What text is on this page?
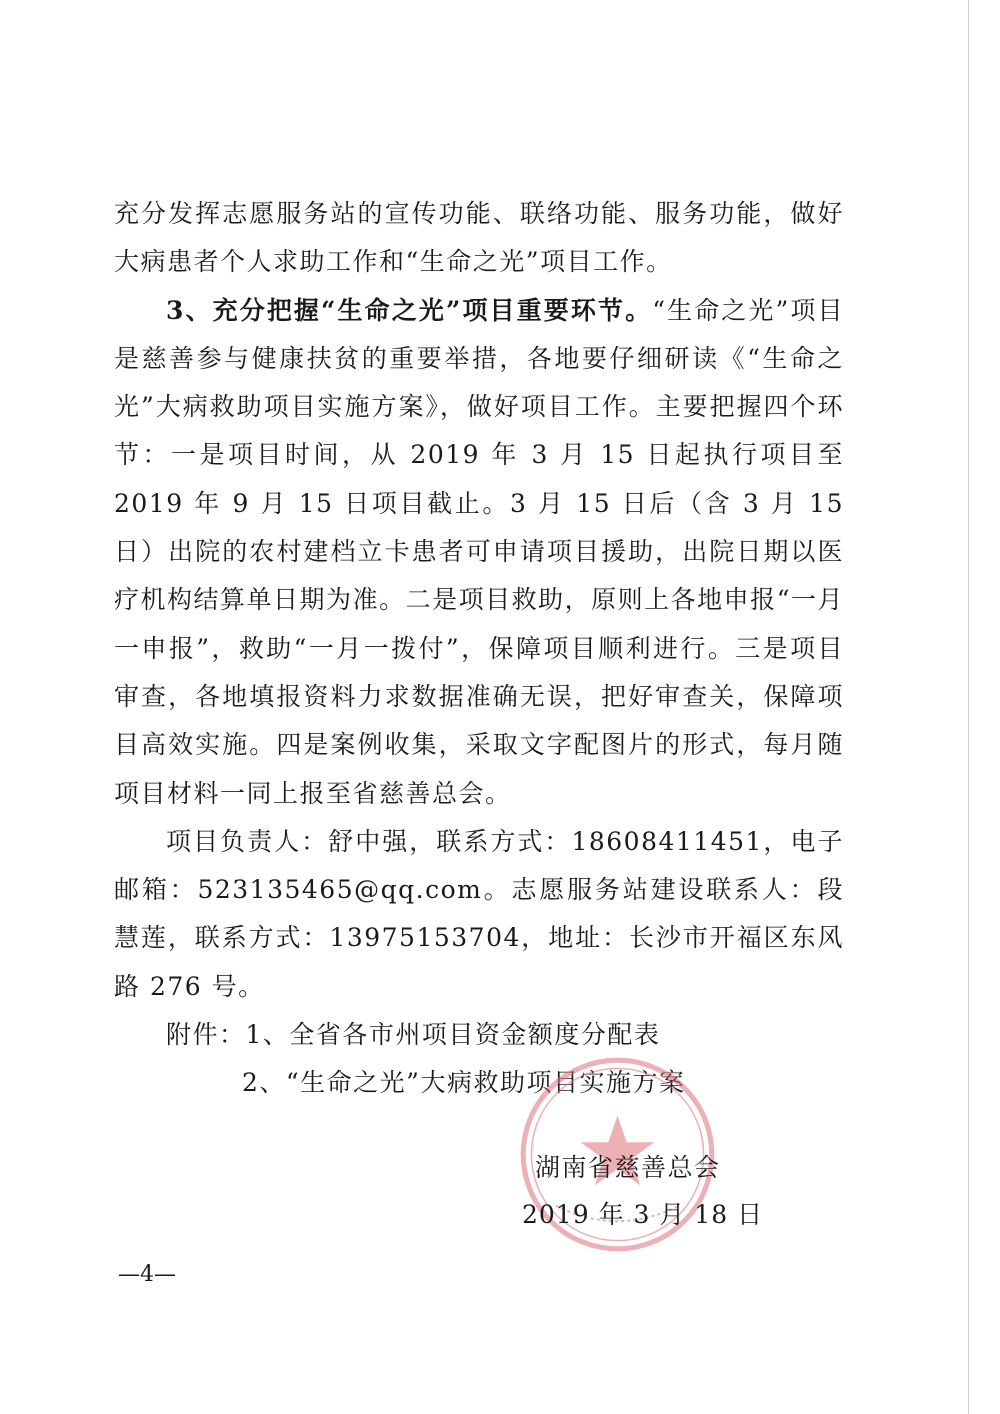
充分发挥志愿服务站的宣传功能、联络功能、服务功能，做好大病患者个人求助工作和“生命之光”项目工作。

3、充分把握“生命之光”项目重要环节。“生命之光”项目是慈善参与健康扶贫的重要举措，各地要仔细研读《“生命之光”大病救助项目实施方案》，做好项目工作。主要把握四个环节：一是项目时间，从 2019 年 3 月 15 日起执行项目至 2019 年 9 月 15 日项目截止。3 月 15 日后（含 3 月 15 日）出院的农村建档立卡患者可申请项目援助，出院日期以医疗机构结算单日期为准。二是项目救助，原则上各地申报“一月一申报”，救助“一月一拨付”，保障项目顺利进行。三是项目审查，各地填报资料力求数据准确无误，把好审查关，保障项目高效实施。四是案例收集，采取文字配图片的形式，每月随项目材料一同上报至省慈善总会。

项目负责人：舒中强，联系方式：18608411451，电子邮箱：523135465@qq.com。志愿服务站建设联系人：段慧莲，联系方式：13975153704，地址：长沙市开福区东风路 276 号。

附件：1、全省各市州项目资金额度分配表

2、“生命之光”大病救助项目实施方案

湖南省慈善总会
2019 年 3 月 18 日
—4—
